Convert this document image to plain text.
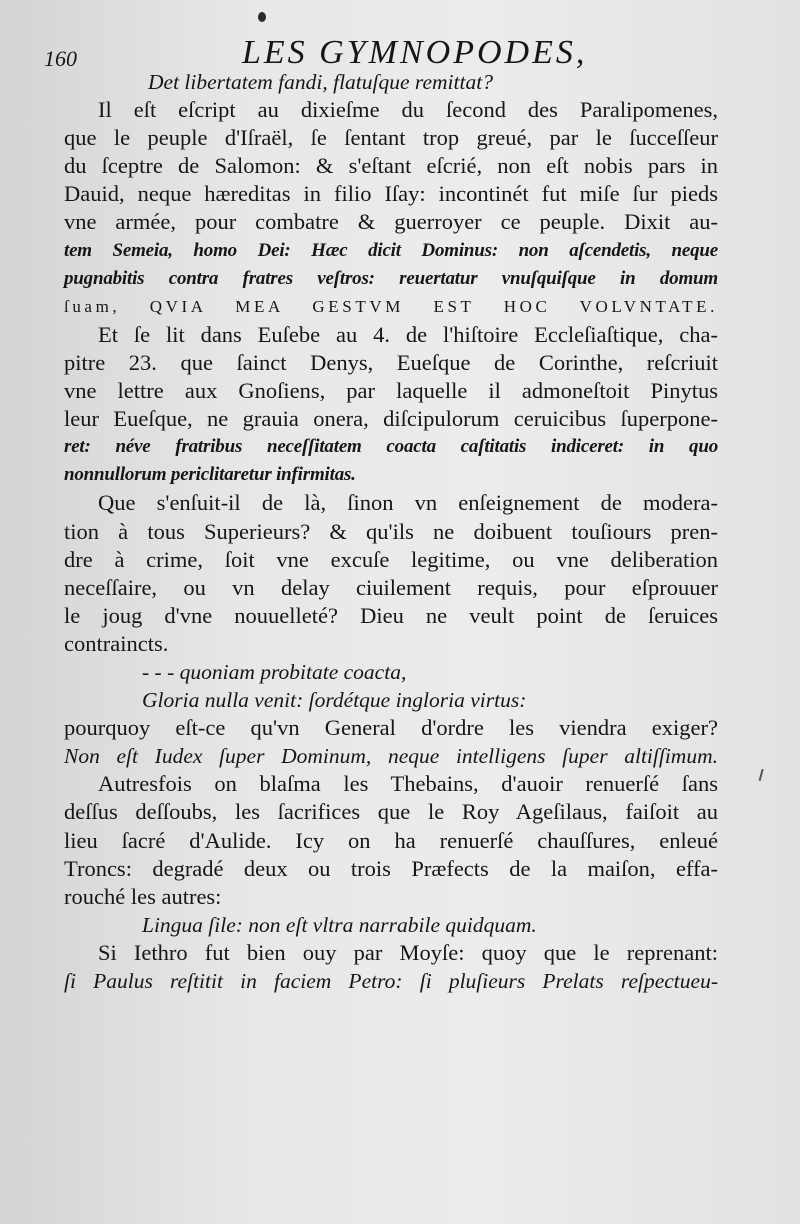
160	LES GYMNOPODES,
Det libertatem fandi, flatuſque remittat?
Il eſt eſcript au dixieſme du ſecond des Paralipomenes,
que le peuple d'Iſraël, ſe ſentant trop greué, par le ſucceſſeur
du ſceptre de Salomon: & s'eſtant eſcrié, non eſt nobis pars in
Dauid, neque hæreditas in filio Iſay: incontinét fut miſe ſur pieds
vne armée, pour combatre & guerroyer ce peuple. Dixit au-
tem Semeia, homo Dei: Hæc dicit Dominus: non aſcendetis, neque
pugnabitis contra fratres veſtros: reuertatur vnuſquiſque in domum
ſuam, QVIA MEA GESTVM EST HOC VOLVNTATE.
Et ſe lit dans Euſebe au 4. de l'hiſtoire Eccleſiaſtique, cha-
pitre 23. que ſainct Denys, Eueſque de Corinthe, reſcriuit
vne lettre aux Gnoſiens, par laquelle il admoneſtoit Pinytus
leur Eueſque, ne grauia onera, diſcipulorum ceruicibus ſuperpone-
ret: néve fratribus neceſſitatem coacta caſtitatis indiceret: in quo
nonnullorum periclitaretur infirmitas.
Que s'enſuit-il de là, ſinon vn enſeignement de modera-
tion à tous Superieurs? & qu'ils ne doibuent touſiours pren-
dre à crime, ſoit vne excuſe legitime, ou vne deliberation
neceſſaire, ou vn delay ciuilement requis, pour eſprouuer
le joug d'vne nouuelleté? Dieu ne veult point de ſeruices
contraincts.
- - - quoniam probitate coacta,
Gloria nulla venit: ſordétque ingloria virtus:
pourquoy eſt-ce qu'vn General d'ordre les viendra exiger?
Non eſt Iudex ſuper Dominum, neque intelligens ſuper altiſſimum.
Autresfois on blaſma les Thebains, d'auoir renuerſé ſans
deſſus deſſoubs, les ſacrifices que le Roy Ageſilaus, faiſoit au
lieu ſacré d'Aulide. Icy on ha renuerſé chauſſures, enleué
Troncs: degradé deux ou trois Præfects de la maiſon, effa-
rouché les autres:
Lingua ſile: non eſt vltra narrabile quidquam.
Si Iethro fut bien ouy par Moyſe: quoy que le reprenant:
ſi Paulus reſtitit in faciem Petro: ſi pluſieurs Prelats reſpectueu-
